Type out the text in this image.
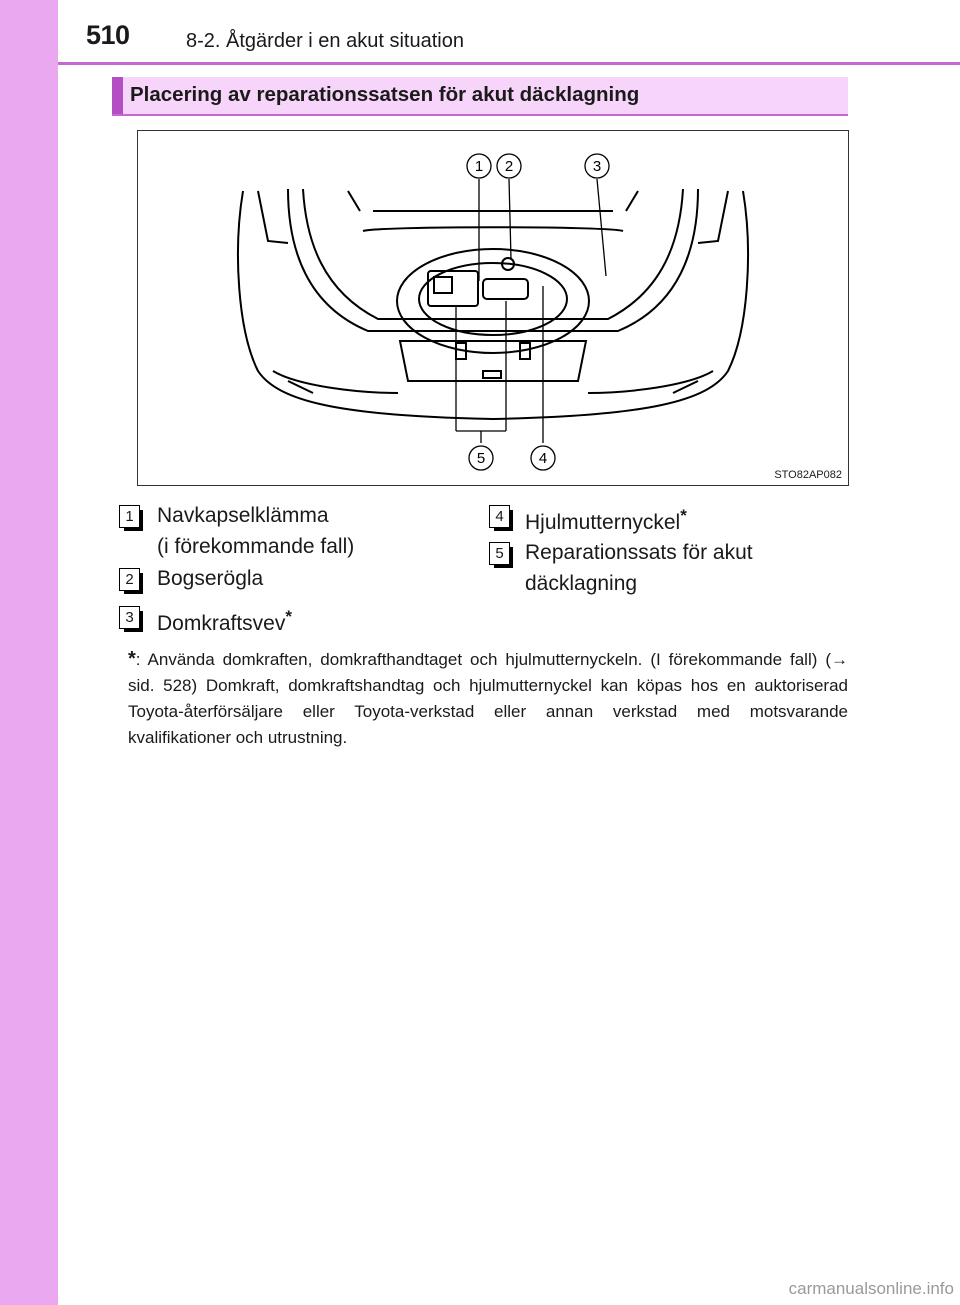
510	8-2. Åtgärder i en akut situation
Placering av reparationssatsen för akut däcklagning
1 2	3
4
5
STO82AP082
1	Navkapselklämma
(i förekommande fall)
2	Bogserögla
3	Domkraftsvev*
4	Hjulmutternyckel*
5	Reparationssats för akut
däcklagning
*: Använda domkraften, domkrafthandtaget och hjulmutternyckeln. (I förekommande fall) (→ sid. 528) Domkraft, domkraftshandtag och hjulmutternyckel kan köpas hos en auktoriserad Toyota-återförsäljare eller Toyota-verkstad eller annan verkstad med motsvarande kvalifikationer och utrustning.
carmanualsonline.info
